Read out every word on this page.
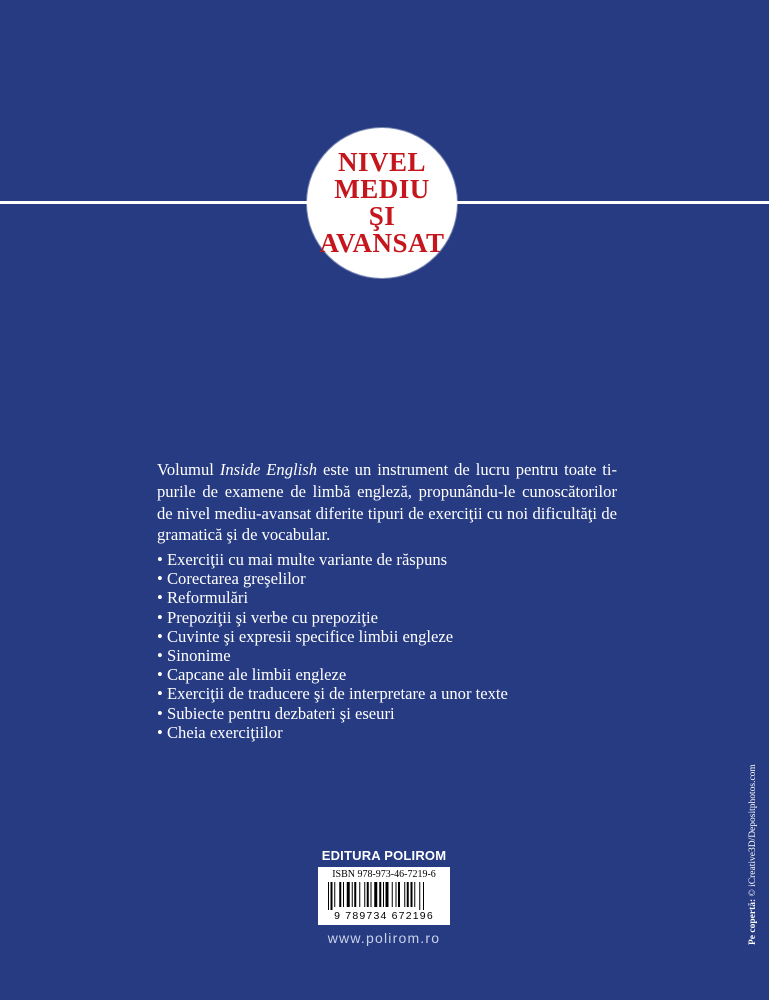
NIVEL
MEDIU
ŞI
AVANSAT

Volumul Inside English este un instrument de lucru pentru toate ti-purile de examene de limbă engleză, propunându-le cunoscătorilor de nivel mediu-avansat diferite tipuri de exerciţii cu noi dificultăţi de gramatică şi de vocabular.

• Exerciţii cu mai multe variante de răspuns
• Corectarea greşelilor
• Reformulări
• Prepoziţii şi verbe cu prepoziţie
• Cuvinte şi expresii specifice limbii engleze
• Sinonime
• Capcane ale limbii engleze
• Exerciţii de traducere şi de interpretare a unor texte
• Subiecte pentru dezbateri şi eseuri
• Cheia exerciţiilor
EDITURA POLIROM
ISBN 978-973-46-7219-6
9 789734 672196
www.polirom.ro	Pe copertă: © iCreative3D/Depositphotos.com
